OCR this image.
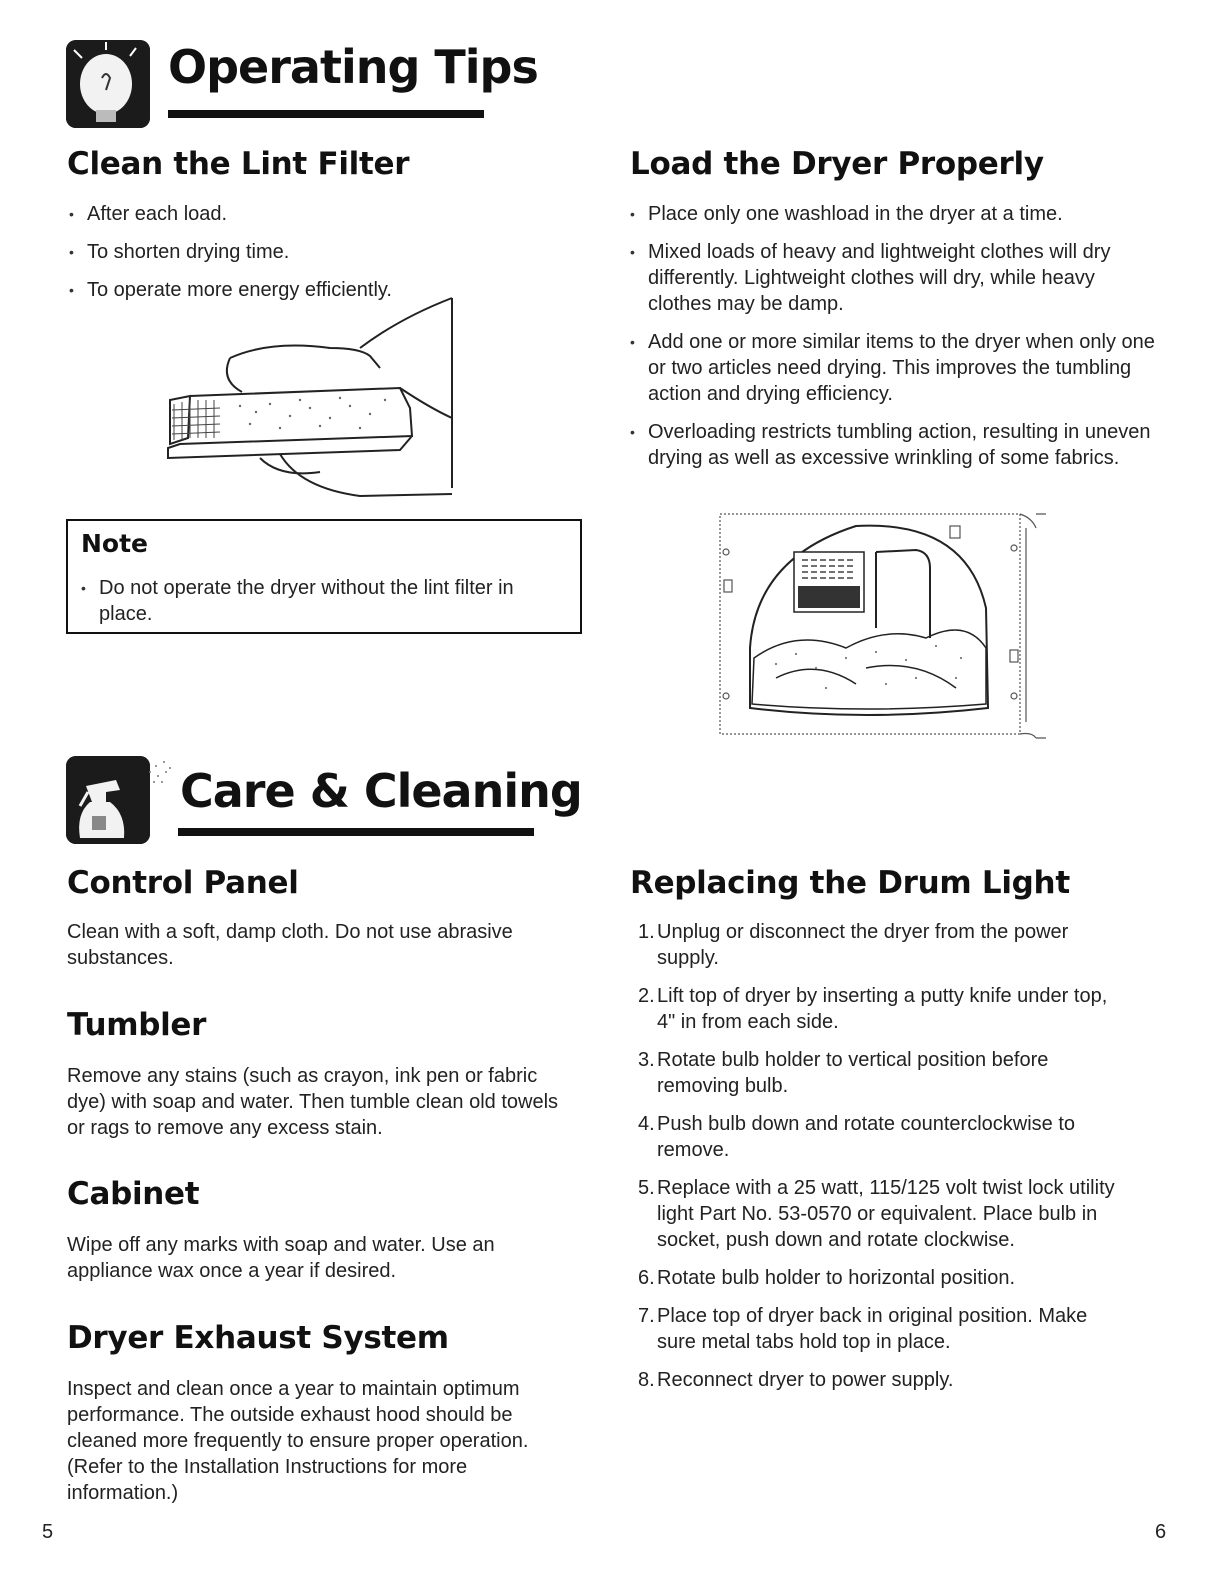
Operating Tips
Clean the Lint Filter
• After each load.
• To shorten drying time.
• To operate more energy efficiently.
Note
• Do not operate the dryer without the lint filter in place.
Load the Dryer Properly
• Place only one washload in the dryer at a time.
• Mixed loads of heavy and lightweight clothes will dry differently. Lightweight clothes will dry, while heavy clothes may be damp.
• Add one or more similar items to the dryer when only one or two articles need drying. This improves the tumbling action and drying efficiency.
• Overloading restricts tumbling action, resulting in uneven drying as well as excessive wrinkling of some fabrics.
Care & Cleaning
Control Panel
Clean with a soft, damp cloth. Do not use abrasive substances.
Tumbler
Remove any stains (such as crayon, ink pen or fabric dye) with soap and water. Then tumble clean old towels or rags to remove any excess stain.
Cabinet
Wipe off any marks with soap and water. Use an appliance wax once a year if desired.
Dryer Exhaust System
Inspect and clean once a year to maintain optimum performance. The outside exhaust hood should be cleaned more frequently to ensure proper operation. (Refer to the Installation Instructions for more information.)
Replacing the Drum Light
1. Unplug or disconnect the dryer from the power supply.
2. Lift top of dryer by inserting a putty knife under top, 4" in from each side.
3. Rotate bulb holder to vertical position before removing bulb.
4. Push bulb down and rotate counterclockwise to remove.
5. Replace with a 25 watt, 115/125 volt twist lock utility light Part No. 53-0570 or equivalent. Place bulb in socket, push down and rotate clockwise.
6. Rotate bulb holder to horizontal position.
7. Place top of dryer back in original position. Make sure metal tabs hold top in place.
8. Reconnect dryer to power supply.
5	6
